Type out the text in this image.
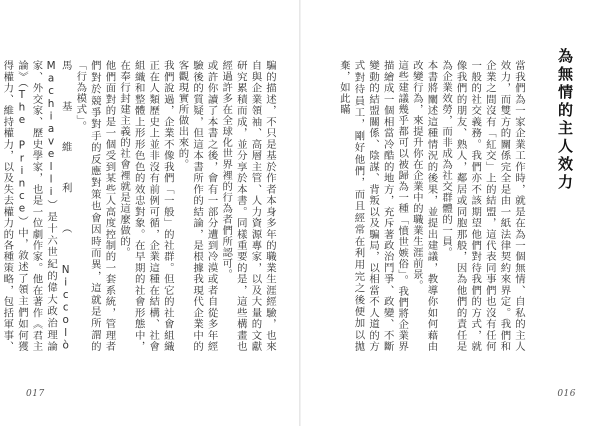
騙的描述，不只是基於作者本身多年的職業生涯經驗，也來自與企業領袖、高層主管、人力資源專家，以及大量的文獻研究累積而成，並分享於本書。同樣重要的是，這些構畫也經過許多在全球化世界裡的行為者們所認可。
或許你讀了本書之後，會有一部分遭到冷漠或者自從多年經驗後的質疑，但這本書所作的結論，是根據我現代企業中的客觀現實所做出來的。
我們說過，企業不像我們「一般」的社群。但它的社會組織正在人類歷史上並非沒有前例可循，企業這種在結構、社會組織和整體上形形色色的效忠對象。在早期的社會形態中，在奉行封建主義的社會裡就是這麼做的。
他們面對的是一個受到某些人高度控制的一套系統，管理者們對於競爭對手的反應對策也會因時而異，這就是所謂的「行為模式」。
馬基維利（Niccolò Machiavelli）是十六世紀的偉大政治理論家、外交家、歷史學家，也是一位劇作家。他在著作《君主論》（The Prince）中，敘述了領主們如何獲得權力、維持權力，以及失去權力的各種策略，包括軍事、

017
為無情的主人效力
當我們為一家企業工作時，就是在為一個無情、自私的主人效力，而雙方的關係完全是由一紙法律契約來界定。我們和企業之間沒有「紅交」上的結盟，這代表同事們也沒有任何一般的社交義務。我們亦不該期望他們對待我們的方式，就像我們的朋友、熟人，鄰居或同胞那般，因為他們的責任是為企業效勞，而非成為社交群體的一員。
本書將闡述這種情況的後果，並提出建議，教導你如何藉由改變行為，來提升你在企業中的職業生涯前景。
這些建議幾乎都可以被歸為一種「憤世嫉俗」。我們將企業界描繪成一個相當冷酷的地方，充斥著政治鬥爭、政變、不斷變動的結盟關係、陰謀、背叛以及騙局，以相當不人道的方式對待員工，剛好他們，而且經常在利用完之後便加以拋棄，如此瞞
016
